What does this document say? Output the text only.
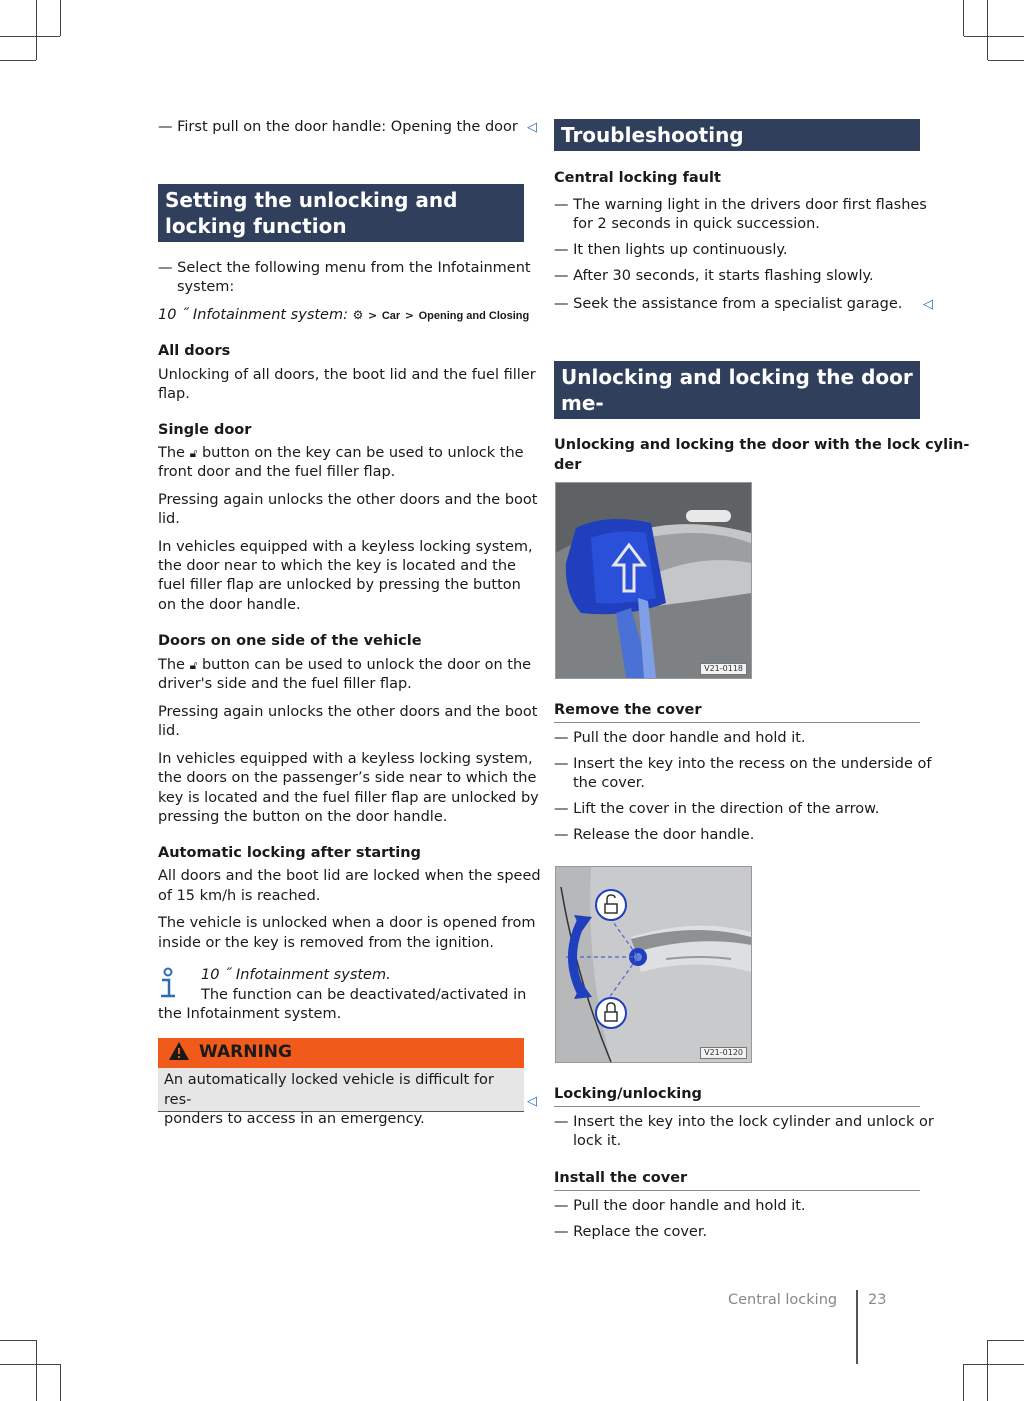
— First pull on the door handle: Opening the door ◁
Setting the unlocking and locking function
— Select the following menu from the Infotainment
system:
10 ˝ Infotainment system: ⚙ > Car > Opening and Closing
All doors
Unlocking of all doors, the boot lid and the fuel filler
flap.
Single door
The 🔓︎ button on the key can be used to unlock the
front door and the fuel filler flap.
Pressing again unlocks the other doors and the boot
lid.
In vehicles equipped with a keyless locking system,
the door near to which the key is located and the
fuel filler flap are unlocked by pressing the button
on the door handle.
Doors on one side of the vehicle
The 🔓︎ button can be used to unlock the door on the
driver's side and the fuel filler flap.
Pressing again unlocks the other doors and the boot
lid.
In vehicles equipped with a keyless locking system,
the doors on the passenger’s side near to which the
key is located and the fuel filler flap are unlocked by
pressing the button on the door handle.
Automatic locking after starting
All doors and the boot lid are locked when the speed
of 15 km/h is reached.
The vehicle is unlocked when a door is opened from
inside or the key is removed from the ignition.
10 ˝ Infotainment system.
The function can be deactivated/activated in
the Infotainment system.
WARNING
An automatically locked vehicle is difficult for res-
ponders to access in an emergency.
◁
Troubleshooting
Central locking fault
— The warning light in the drivers door first flashes
for 2 seconds in quick succession.
— It then lights up continuously.
— After 30 seconds, it starts flashing slowly.
— Seek the assistance from a specialist garage. ◁
Unlocking and locking the door me-
chanically
Unlocking and locking the door with the lock cylin-
der
V21-0118
Remove the cover
— Pull the door handle and hold it.
— Insert the key into the recess on the underside of
the cover.
— Lift the cover in the direction of the arrow.
— Release the door handle.
V21-0120
Locking/unlocking
— Insert the key into the lock cylinder and unlock or
lock it.
Install the cover
— Pull the door handle and hold it.
— Replace the cover.
Central locking 23
